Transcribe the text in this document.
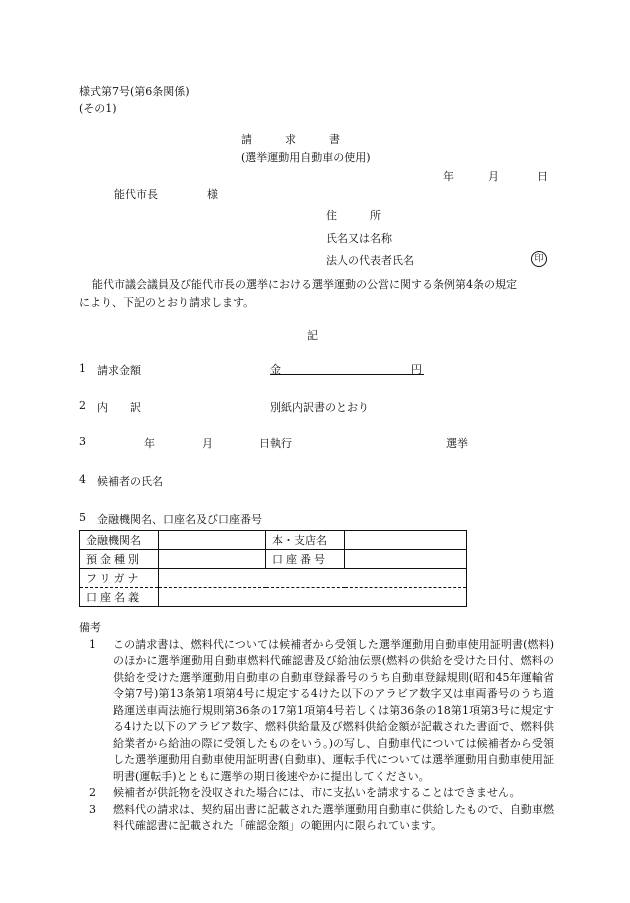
様式第7号(第6条関係)
(その1)
請　　　求　　　書
(選挙運動用自動車の使用)
年	月	日
能代市長	様
住　　　所
氏名又は名称
法人の代表者氏名	印
能代市議会議員及び能代市長の選挙における選挙運動の公営に関する条例第4条の規定
により、下記のとおり請求します。
記
1 請求金額	金	円
2 内　　訳	別紙内訳書のとおり
3	年	月	日執行	選挙
4 候補者の氏名
5 金融機関名、口座名及び口座番号
金融機関名		本・支店名	
預金種別		口座番号	
フリガナ			
口座名義			
備考
1	この請求書は、燃料代については候補者から受領した選挙運動用自動車使用証明書(燃料)のほかに選挙運動用自動車燃料代確認書及び給油伝票(燃料の供給を受けた日付、燃料の供給を受けた選挙運動用自動車の自動車登録番号のうち自動車登録規則(昭和45年運輸省令第7号)第13条第1項第4号に規定する4けた以下のアラビア数字又は車両番号のうち道路運送車両法施行規則第36条の17第1項第4号若しくは第36条の18第1項第3号に規定する4けた以下のアラビア数字、燃料供給量及び燃料供給金額が記載された書面で、燃料供給業者から給油の際に受領したものをいう。)の写し、自動車代については候補者から受領した選挙運動用自動車使用証明書(自動車)、運転手代については選挙運動用自動車使用証明書(運転手)とともに選挙の期日後速やかに提出してください。
2	候補者が供託物を没収された場合には、市に支払いを請求することはできません。
3	燃料代の請求は、契約届出書に記載された選挙運動用自動車に供給したもので、自動車燃料代確認書に記載された「確認金額」の範囲内に限られています。
